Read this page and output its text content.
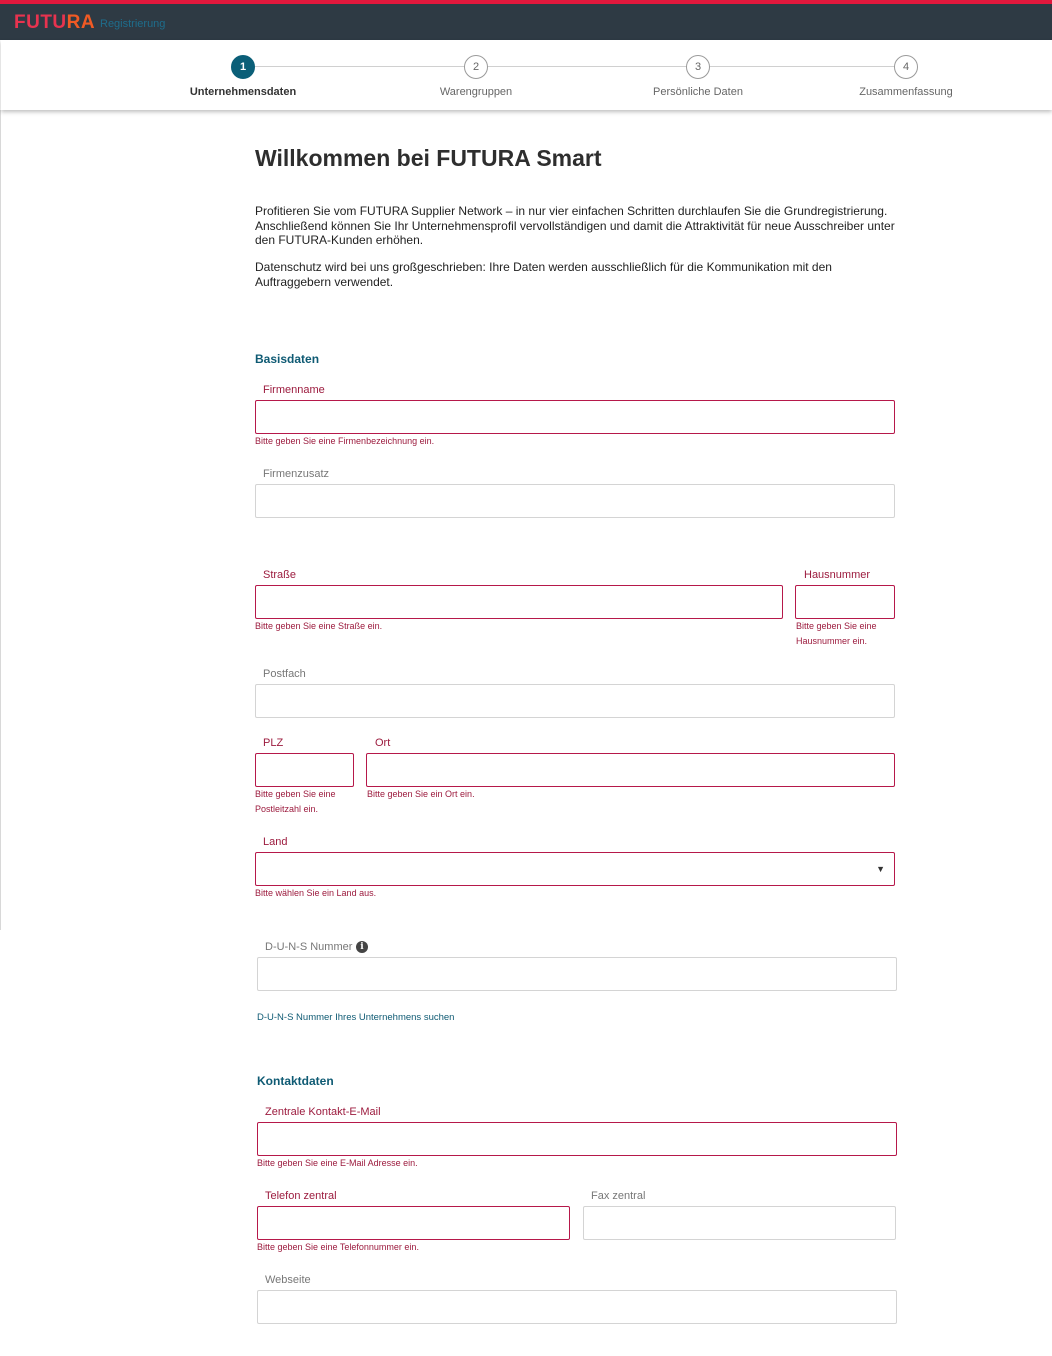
FUTURA Registrierung
1
Unternehmensdaten
2
Warengruppen
3
Persönliche Daten
4
Zusammenfassung
Willkommen bei FUTURA Smart

Profitieren Sie vom FUTURA Supplier Network – in nur vier einfachen Schritten durchlaufen Sie die Grundregistrierung. Anschließend können Sie Ihr Unternehmensprofil vervollständigen und damit die Attraktivität für neue Ausschreiber unter den FUTURA-Kunden erhöhen.

Datenschutz wird bei uns großgeschrieben: Ihre Daten werden ausschließlich für die Kommunikation mit den Auftraggebern verwendet.

Basisdaten
Firmenname
Bitte geben Sie eine Firmenbezeichnung ein.
Firmenzusatz
Straße
Bitte geben Sie eine Straße ein.
Hausnummer
Bitte geben Sie eine
Hausnummer ein.
Postfach
PLZ
Bitte geben Sie eine
Postleitzahl ein.
Ort
Bitte geben Sie ein Ort ein.
Land
▼
Bitte wählen Sie ein Land aus.
D-U-N-S Nummer i
D-U-N-S Nummer Ihres Unternehmens suchen
Kontaktdaten
Zentrale Kontakt-E-Mail
Bitte geben Sie eine E-Mail Adresse ein.
Telefon zentral
Bitte geben Sie eine Telefonnummer ein.
Fax zentral
Webseite
